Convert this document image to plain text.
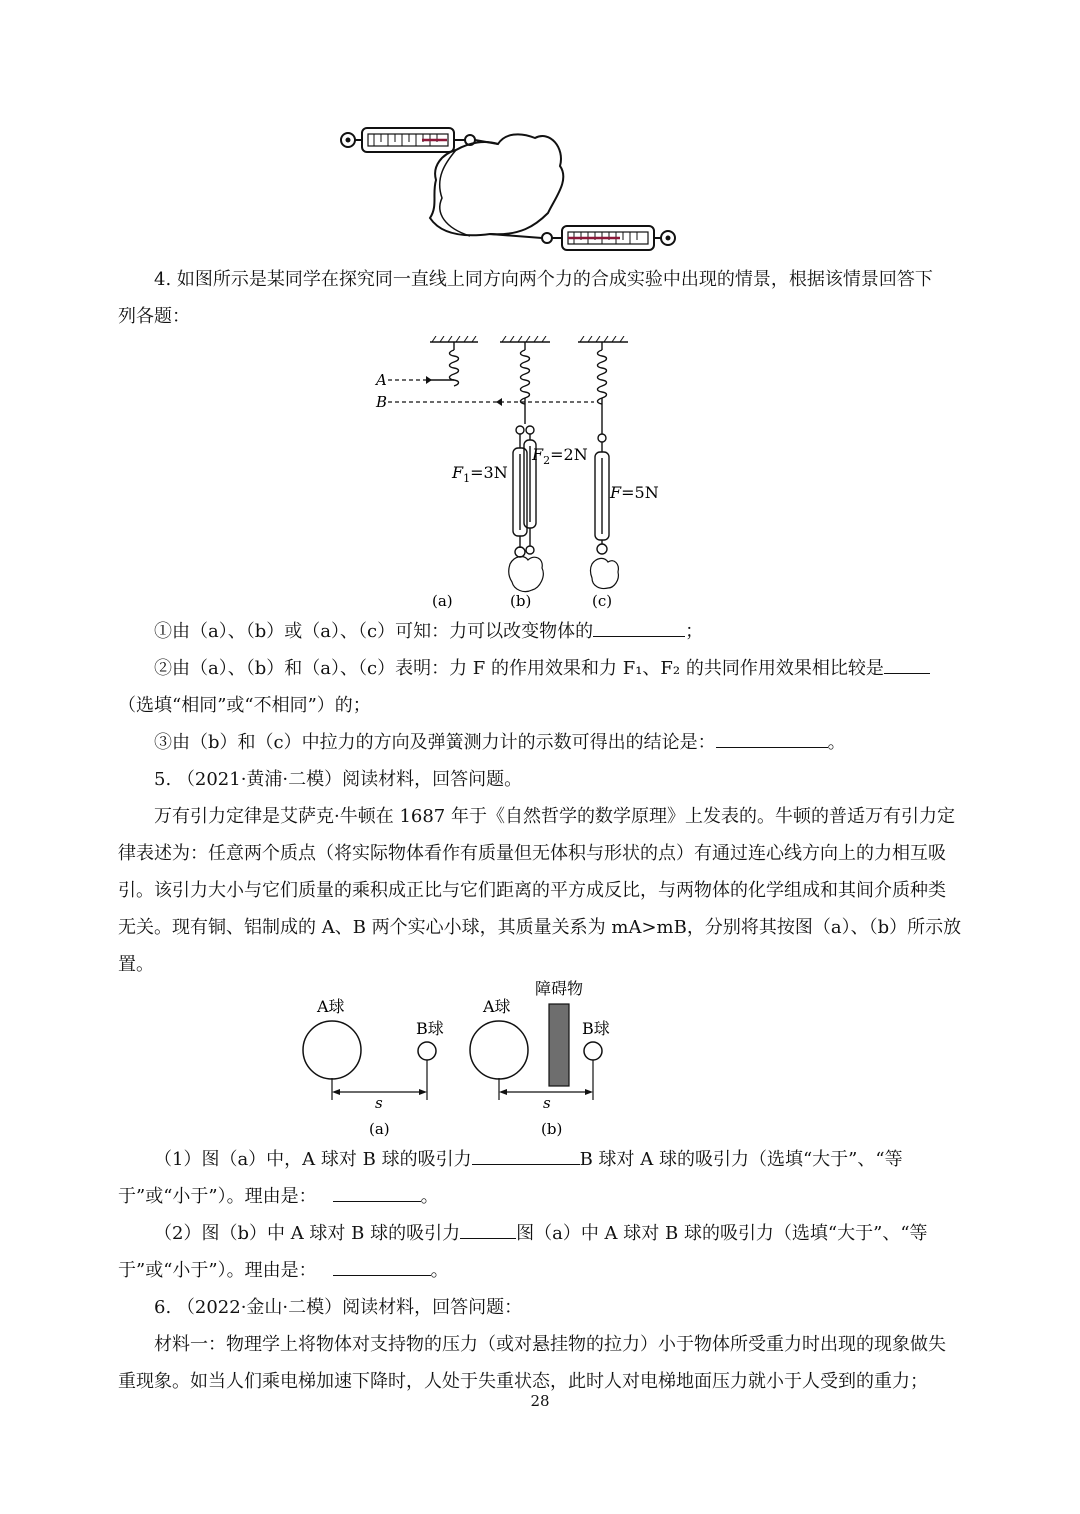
4. 如图所示是某同学在探究同一直线上同方向两个力的合成实验中出现的情景，根据该情景回答下
列各题：
A
B
$F_1=3N$
$F_2=2N$
F=5N
(a)	(b)	(c)
①由（a）、（b）或（a）、（c）可知：力可以改变物体的	；
②由（a）、（b）和（a）、（c）表明：力 F 的作用效果和力 F₁、F₂ 的共同作用效果相比较是
（选填“相同”或“不相同”）的；
③由（b）和（c）中拉力的方向及弹簧测力计的示数可得出的结论是：	。
5. （2021·黄浦·二模）阅读材料，回答问题。
万有引力定律是艾萨克·牛顿在 1687 年于《自然哲学的数学原理》上发表的。牛顿的普适万有引力定
律表述为：任意两个质点（将实际物体看作有质量但无体积与形状的点）有通过连心线方向上的力相互吸
引。该引力大小与它们质量的乘积成正比与它们距离的平方成反比，与两物体的化学组成和其间介质种类
无关。现有铜、铝制成的 A、B 两个实心小球，其质量关系为 mA>mB，分别将其按图（a）、（b）所示放
置。
A球
B球
s
(a)
障碍物
A球
B球
s
(b)
（1）图（a）中，A 球对 B 球的吸引力	B 球对 A 球的吸引力（选填“大于”、“等
于”或“小于”）。理由是：	。
（2）图（b）中 A 球对 B 球的吸引力	图（a）中 A 球对 B 球的吸引力（选填“大于”、“等
于”或“小于”）。理由是：	。
6. （2022·金山·二模）阅读材料，回答问题：
材料一：物理学上将物体对支持物的压力（或对悬挂物的拉力）小于物体所受重力时出现的现象做失
重现象。如当人们乘电梯加速下降时，人处于失重状态，此时人对电梯地面压力就小于人受到的重力；
28
